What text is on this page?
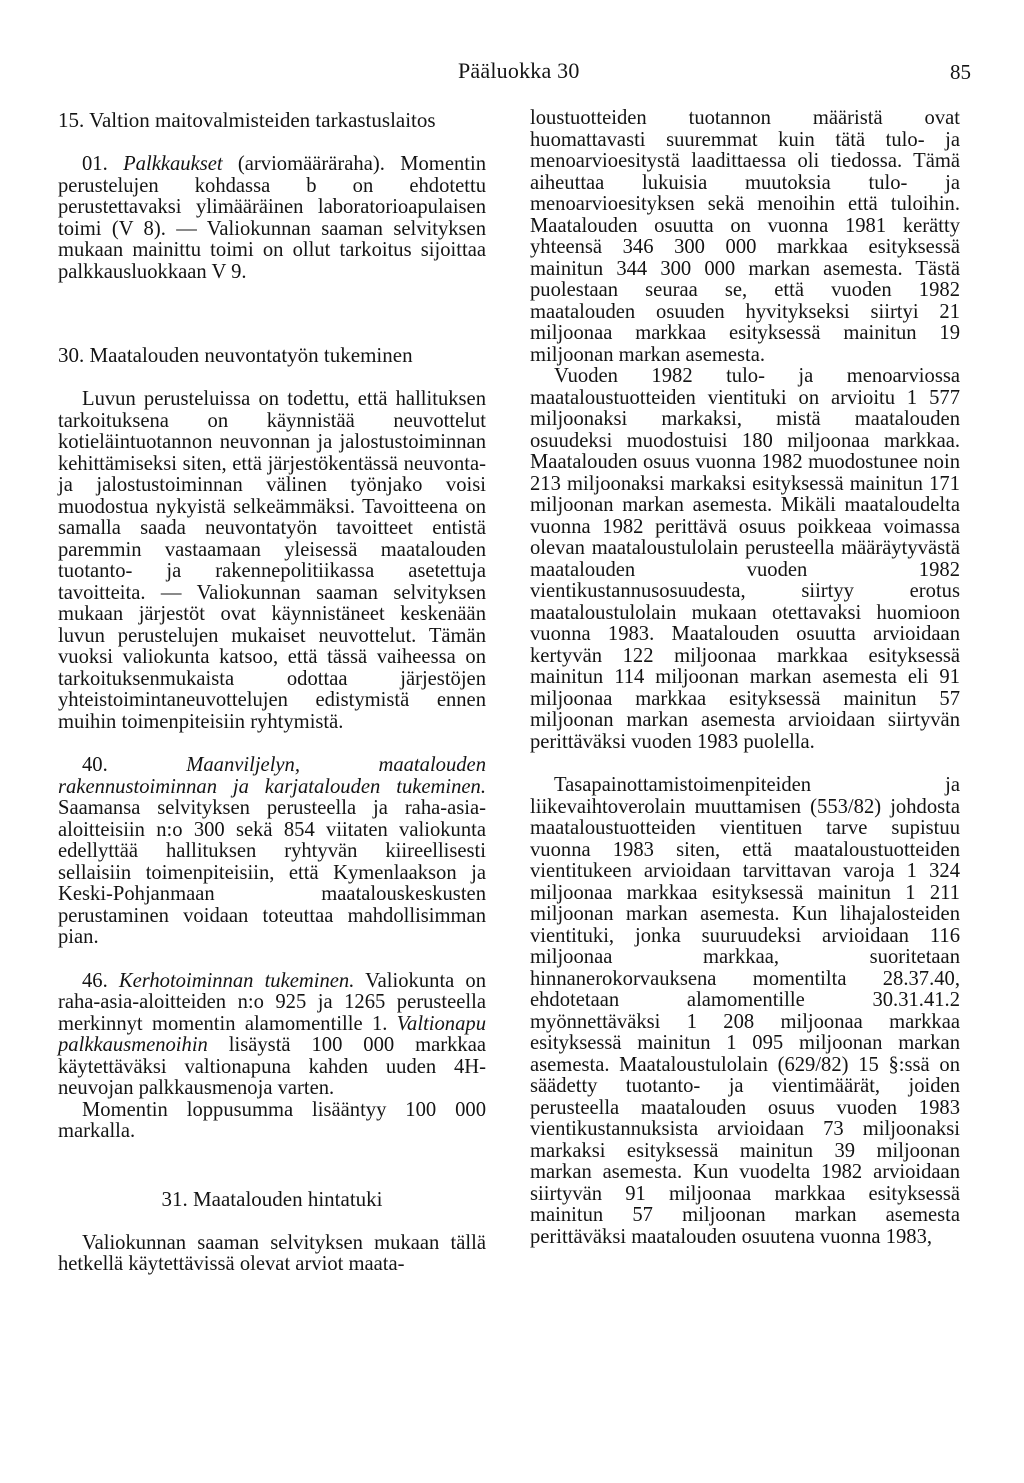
Pääluokka 30	85

15. Valtion maitovalmisteiden tarkastuslaitos

01. Palkkaukset (arviomääräraha). Momentin perustelujen kohdassa b on ehdotettu perustettavaksi ylimääräinen laboratorioapulaisen toimi (V 8). — Valiokunnan saaman selvityksen mukaan mainittu toimi on ollut tarkoitus sijoittaa palkkausluokkaan V 9.

30. Maatalouden neuvontatyön tukeminen

Luvun perusteluissa on todettu, että hallituksen tarkoituksena on käynnistää neuvottelut kotieläintuotannon neuvonnan ja jalostustoiminnan kehittämiseksi siten, että järjestökentässä neuvonta- ja jalostustoiminnan välinen työnjako voisi muodostua nykyistä selkeämmäksi. Tavoitteena on samalla saada neuvontatyön tavoitteet entistä paremmin vastaamaan yleisessä maatalouden tuotanto- ja rakennepolitiikassa asetettuja tavoitteita. — Valiokunnan saaman selvityksen mukaan järjestöt ovat käynnistäneet keskenään luvun perustelujen mukaiset neuvottelut. Tämän vuoksi valiokunta katsoo, että tässä vaiheessa on tarkoituksenmukaista odottaa järjestöjen yhteistoimintaneuvottelujen edistymistä ennen muihin toimenpiteisiin ryhtymistä.

40.	Maanviljelyn, maatalouden rakennustoiminnan ja karjatalouden tukeminen. Saamansa selvityksen perusteella ja raha-asia-aloitteisiin n:o 300 sekä 854 viitaten valiokunta edellyttää hallituksen ryhtyvän kiireellisesti sellaisiin toimenpiteisiin, että Kymenlaakson ja Keski-Pohjanmaan maatalouskeskusten perustaminen voidaan toteuttaa mahdollisimman pian.

46. Kerhotoiminnan tukeminen. Valiokunta on raha-asia-aloitteiden n:o 925 ja 1265 perusteella merkinnyt momentin alamomentille 1. Valtionapu palkkausmenoihin lisäystä 100 000 markkaa käytettäväksi valtionapuna kahden uuden 4H-neuvojan palkkausmenoja varten.

Momentin loppusumma lisääntyy 100 000 markalla.

31. Maatalouden hintatuki

Valiokunnan saaman selvityksen mukaan tällä hetkellä käytettävissä olevat arviot maata-

loustuotteiden tuotannon määristä ovat huomattavasti suuremmat kuin tätä tulo- ja menoarvioesitystä laadittaessa oli tiedossa. Tämä aiheuttaa lukuisia muutoksia tulo- ja menoarvioesityksen sekä menoihin että tuloihin. Maatalouden osuutta on vuonna 1981 kerätty yhteensä 346 300 000 markkaa esityksessä mainitun 344 300 000 markan asemesta. Tästä puolestaan seuraa se, että vuoden 1982 maatalouden osuuden hyvitykseksi siirtyi 21 miljoonaa markkaa esityksessä mainitun 19 miljoonan markan asemesta.

Vuoden 1982 tulo- ja menoarviossa maataloustuotteiden vientituki on arvioitu 1 577 miljoonaksi markaksi, mistä maatalouden osuudeksi muodostuisi 180 miljoonaa markkaa. Maatalouden osuus vuonna 1982 muodostunee noin 213 miljoonaksi markaksi esityksessä mainitun 171 miljoonan markan asemesta. Mikäli maataloudelta vuonna 1982 perittävä osuus poikkeaa voimassa olevan maataloustulolain perusteella määräytyvästä maatalouden vuoden 1982 vientikustannusosuudesta, siirtyy erotus maataloustulolain mukaan otettavaksi huomioon vuonna 1983. Maatalouden osuutta arvioidaan kertyvän 122 miljoonaa markkaa esityksessä mainitun 114 miljoonan markan asemesta eli 91 miljoonaa markkaa esityksessä mainitun 57 miljoonan markan asemesta arvioidaan siirtyvän perittäväksi vuoden 1983 puolella.

Tasapainottamistoimenpiteiden ja liikevaihtoverolain muuttamisen (553/82) johdosta maataloustuotteiden vientituen tarve supistuu vuonna 1983 siten, että maataloustuotteiden vientitukeen arvioidaan tarvittavan varoja 1 324 miljoonaa markkaa esityksessä mainitun 1 211 miljoonan markan asemesta. Kun lihajalosteiden vientituki, jonka suuruudeksi arvioidaan 116 miljoonaa markkaa, suoritetaan hinnanerokorvauksena momentilta 28.37.40, ehdotetaan alamomentille 30.31.41.2 myönnettäväksi 1 208 miljoonaa markkaa esityksessä mainitun 1 095 miljoonan markan asemesta. Maataloustulolain (629/82) 15 §:ssä on säädetty tuotanto- ja vientimäärät, joiden perusteella maatalouden osuus vuoden 1983 vientikustannuksista arvioidaan 73 miljoonaksi markaksi esityksessä mainitun 39 miljoonan markan asemesta. Kun vuodelta 1982 arvioidaan siirtyvän 91 miljoonaa markkaa esityksessä mainitun 57 miljoonan markan asemesta perittäväksi maatalouden osuutena vuonna 1983,
